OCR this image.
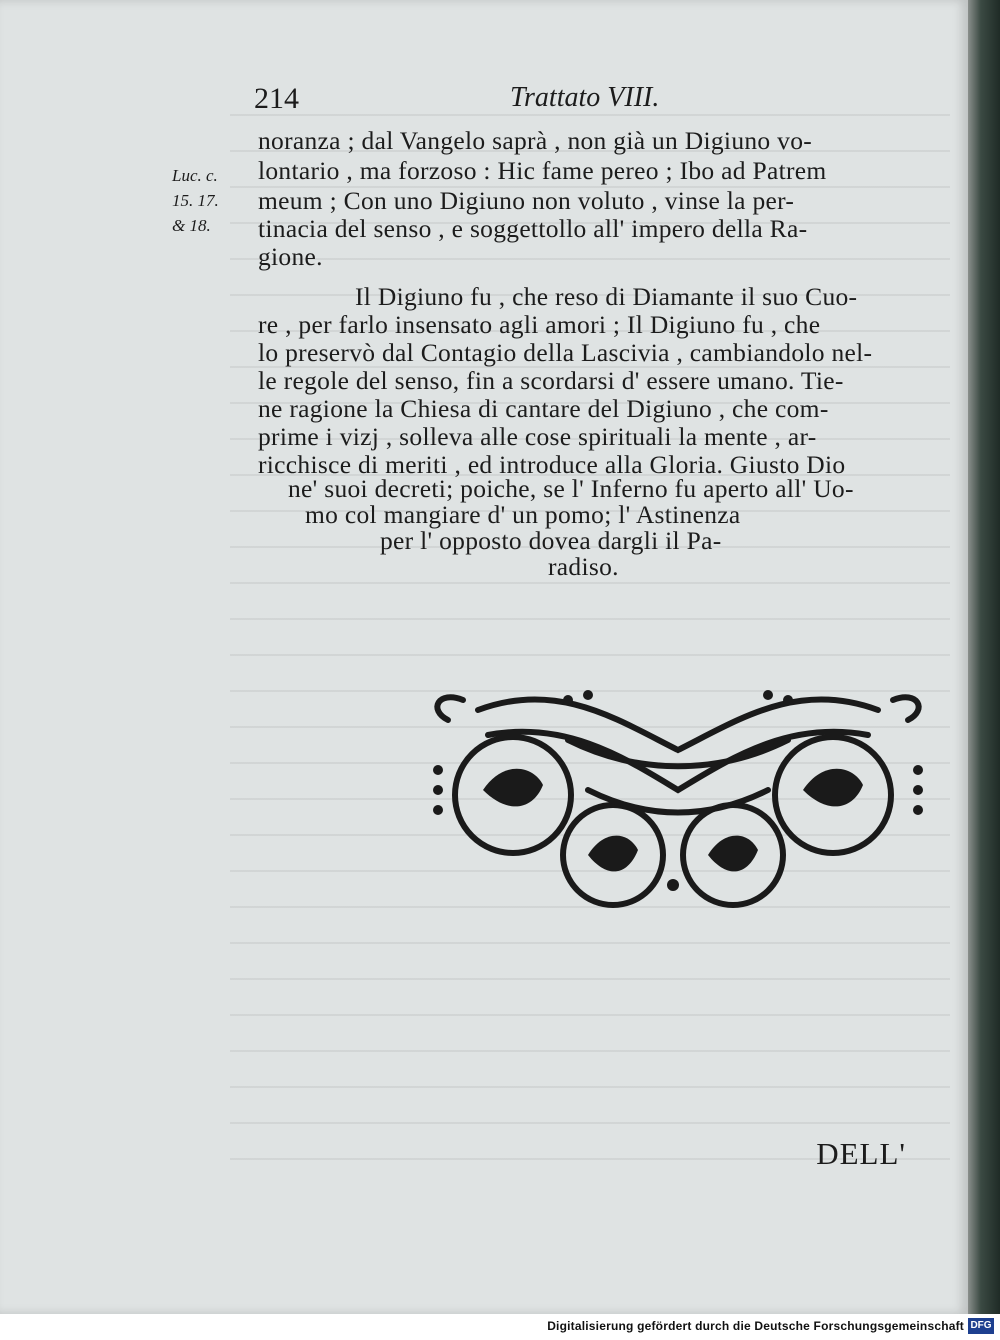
214	Trattato VIII.
Luc. c.
15. 17.
& 18.
noranza ; dal Vangelo saprà , non già un Digiuno vo-
lontario , ma forzoso : Hic fame pereo ; Ibo ad Patrem
meum ; Con uno Digiuno non voluto , vinse la per-
tinacia del senso , e soggettollo all' impero della Ra-
gione.
Il Digiuno fu , che reso di Diamante il suo Cuo-
re , per farlo insensato agli amori ; Il Digiuno fu , che
lo preservò dal Contagio della Lascivia , cambiandolo nel-
le regole del senso, fin a scordarsi d' essere umano. Tie-
ne ragione la Chiesa di cantare del Digiuno , che com-
prime i vizj , solleva alle cose spirituali la mente , ar-
ricchisce di meriti , ed introduce alla Gloria. Giusto Dio
ne' suoi decreti; poiche, se l' Inferno fu aperto all' Uo-
mo col mangiare d' un pomo; l' Astinenza
per l' opposto dovea dargli il Pa-
radiso.
DELL'
Digitalisierung gefördert durch die Deutsche Forschungsgemeinschaft DFG
